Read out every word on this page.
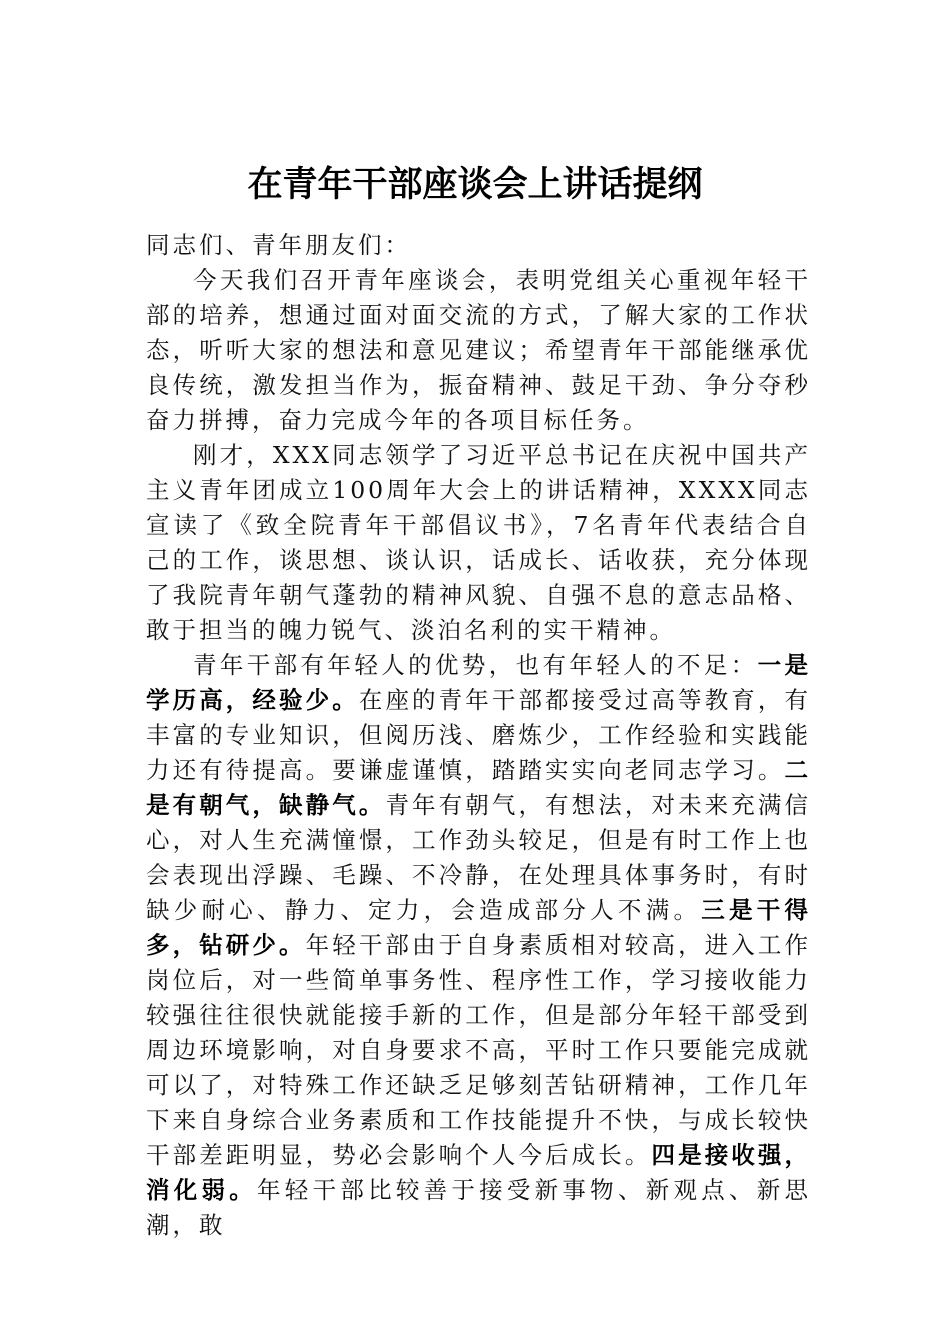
在青年干部座谈会上讲话提纲

同志们、青年朋友们：

今天我们召开青年座谈会，表明党组关心重视年轻干部的培养，想通过面对面交流的方式，了解大家的工作状态，听听大家的想法和意见建议；希望青年干部能继承优良传统，激发担当作为，振奋精神、鼓足干劲、争分夺秒奋力拼搏，奋力完成今年的各项目标任务。

刚才，XXX同志领学了习近平总书记在庆祝中国共产主义青年团成立100周年大会上的讲话精神，XXXX同志宣读了《致全院青年干部倡议书》，7名青年代表结合自己的工作，谈思想、谈认识，话成长、话收获，充分体现了我院青年朝气蓬勃的精神风貌、自强不息的意志品格、敢于担当的魄力锐气、淡泊名利的实干精神。

青年干部有年轻人的优势，也有年轻人的不足：一是学历高，经验少。在座的青年干部都接受过高等教育，有丰富的专业知识，但阅历浅、磨炼少，工作经验和实践能力还有待提高。要谦虚谨慎，踏踏实实向老同志学习。二是有朝气，缺静气。青年有朝气，有想法，对未来充满信心，对人生充满憧憬，工作劲头较足，但是有时工作上也会表现出浮躁、毛躁、不冷静，在处理具体事务时，有时缺少耐心、静力、定力，会造成部分人不满。三是干得多，钻研少。年轻干部由于自身素质相对较高，进入工作岗位后，对一些简单事务性、程序性工作，学习接收能力较强往往很快就能接手新的工作，但是部分年轻干部受到周边环境影响，对自身要求不高，平时工作只要能完成就可以了，对特殊工作还缺乏足够刻苦钻研精神，工作几年下来自身综合业务素质和工作技能提升不快，与成长较快干部差距明显，势必会影响个人今后成长。四是接收强，消化弱。年轻干部比较善于接受新事物、新观点、新思潮，敢
